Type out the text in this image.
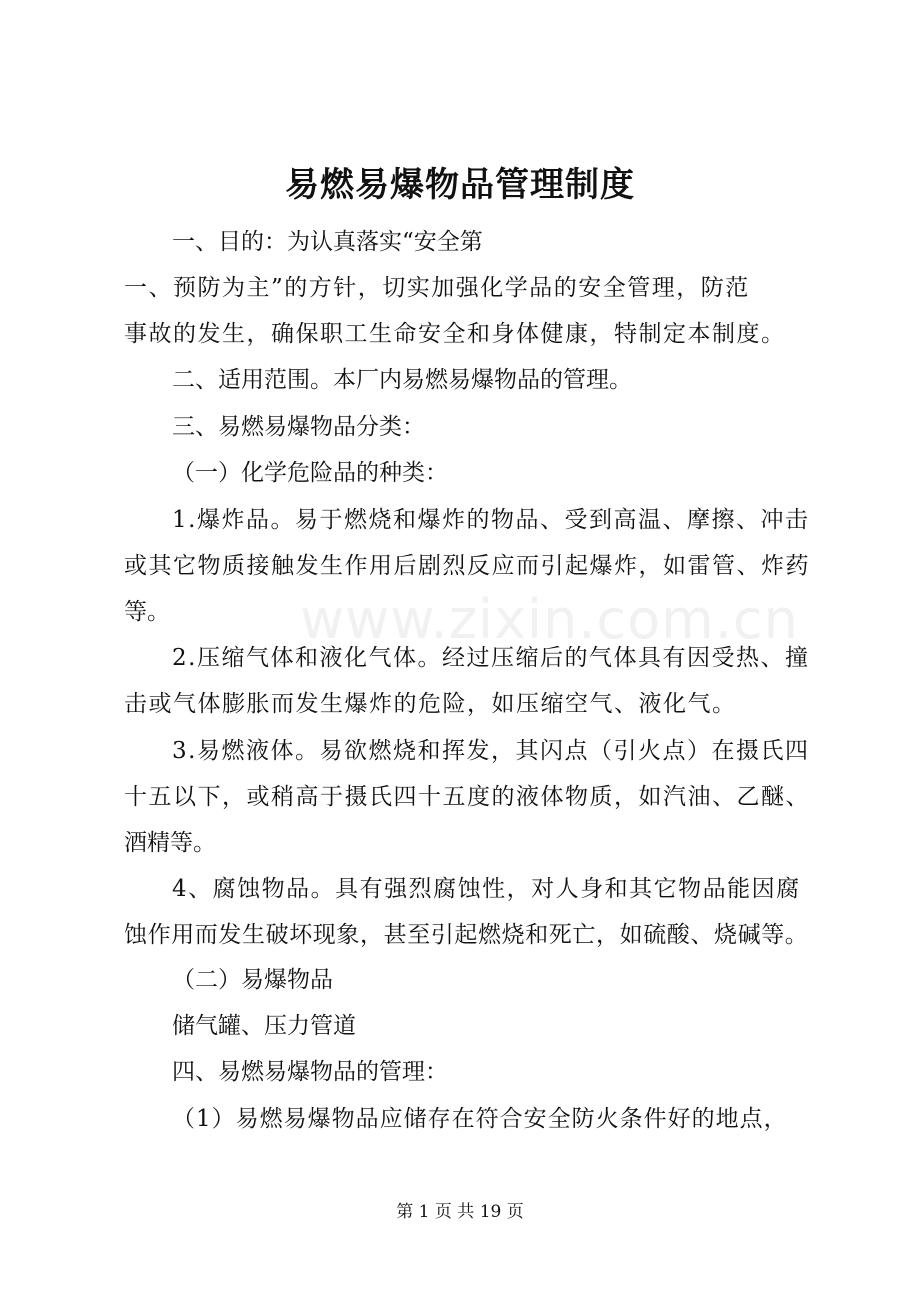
www.zixin.com.cn
易燃易爆物品管理制度
一、目的：为认真落实“安全第
一、预防为主”的方针，切实加强化学品的安全管理，防范
事故的发生，确保职工生命安全和身体健康，特制定本制度。
二、适用范围。本厂内易燃易爆物品的管理。
三、易燃易爆物品分类：
（一）化学危险品的种类：
1.爆炸品。易于燃烧和爆炸的物品、受到高温、摩擦、冲击
或其它物质接触发生作用后剧烈反应而引起爆炸，如雷管、炸药
等。
2.压缩气体和液化气体。经过压缩后的气体具有因受热、撞
击或气体膨胀而发生爆炸的危险，如压缩空气、液化气。
3.易燃液体。易欲燃烧和挥发，其闪点（引火点）在摄氏四
十五以下，或稍高于摄氏四十五度的液体物质，如汽油、乙醚、
酒精等。
4、腐蚀物品。具有强烈腐蚀性，对人身和其它物品能因腐
蚀作用而发生破坏现象，甚至引起燃烧和死亡，如硫酸、烧碱等。
（二）易爆物品
储气罐、压力管道
四、易燃易爆物品的管理：
（1）易燃易爆物品应储存在符合安全防火条件好的地点，
第 1 页 共 19 页
